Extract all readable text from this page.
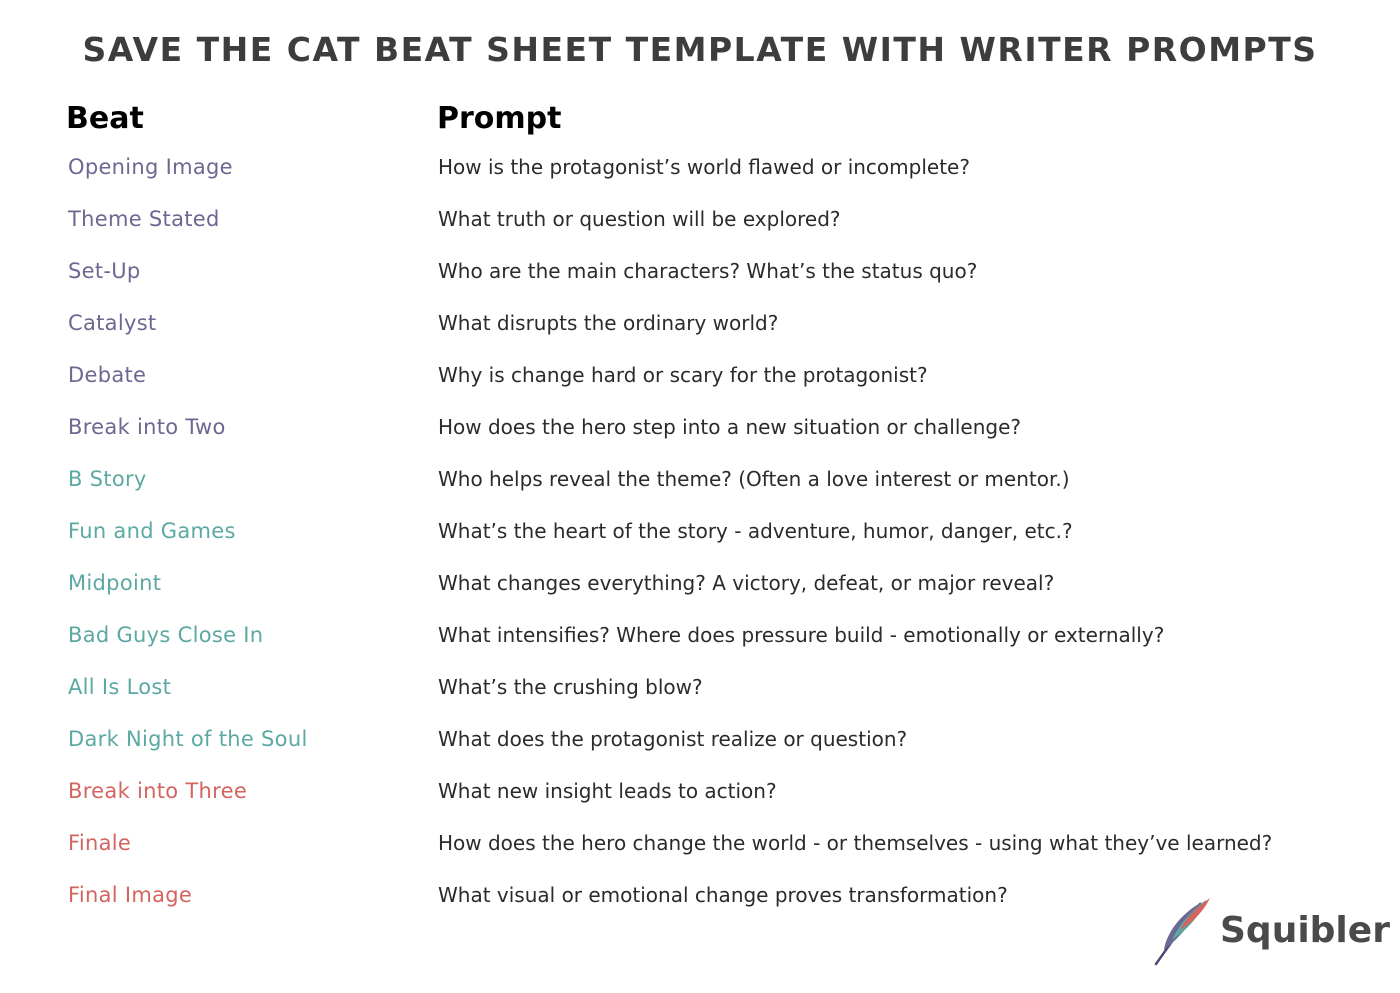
SAVE THE CAT BEAT SHEET TEMPLATE WITH WRITER PROMPTS
Beat	Prompt
Opening Image	How is the protagonist’s world flawed or incomplete?
Theme Stated	What truth or question will be explored?
Set-Up	Who are the main characters? What’s the status quo?
Catalyst	What disrupts the ordinary world?
Debate	Why is change hard or scary for the protagonist?
Break into Two	How does the hero step into a new situation or challenge?
B Story	Who helps reveal the theme? (Often a love interest or mentor.)
Fun and Games	What’s the heart of the story - adventure, humor, danger, etc.?
Midpoint	What changes everything? A victory, defeat, or major reveal?
Bad Guys Close In	What intensifies? Where does pressure build - emotionally or externally?
All Is Lost	What’s the crushing blow?
Dark Night of the Soul	What does the protagonist realize or question?
Break into Three	What new insight leads to action?
Finale	How does the hero change the world - or themselves - using what they’ve learned?
Final Image	What visual or emotional change proves transformation?
Squibler
